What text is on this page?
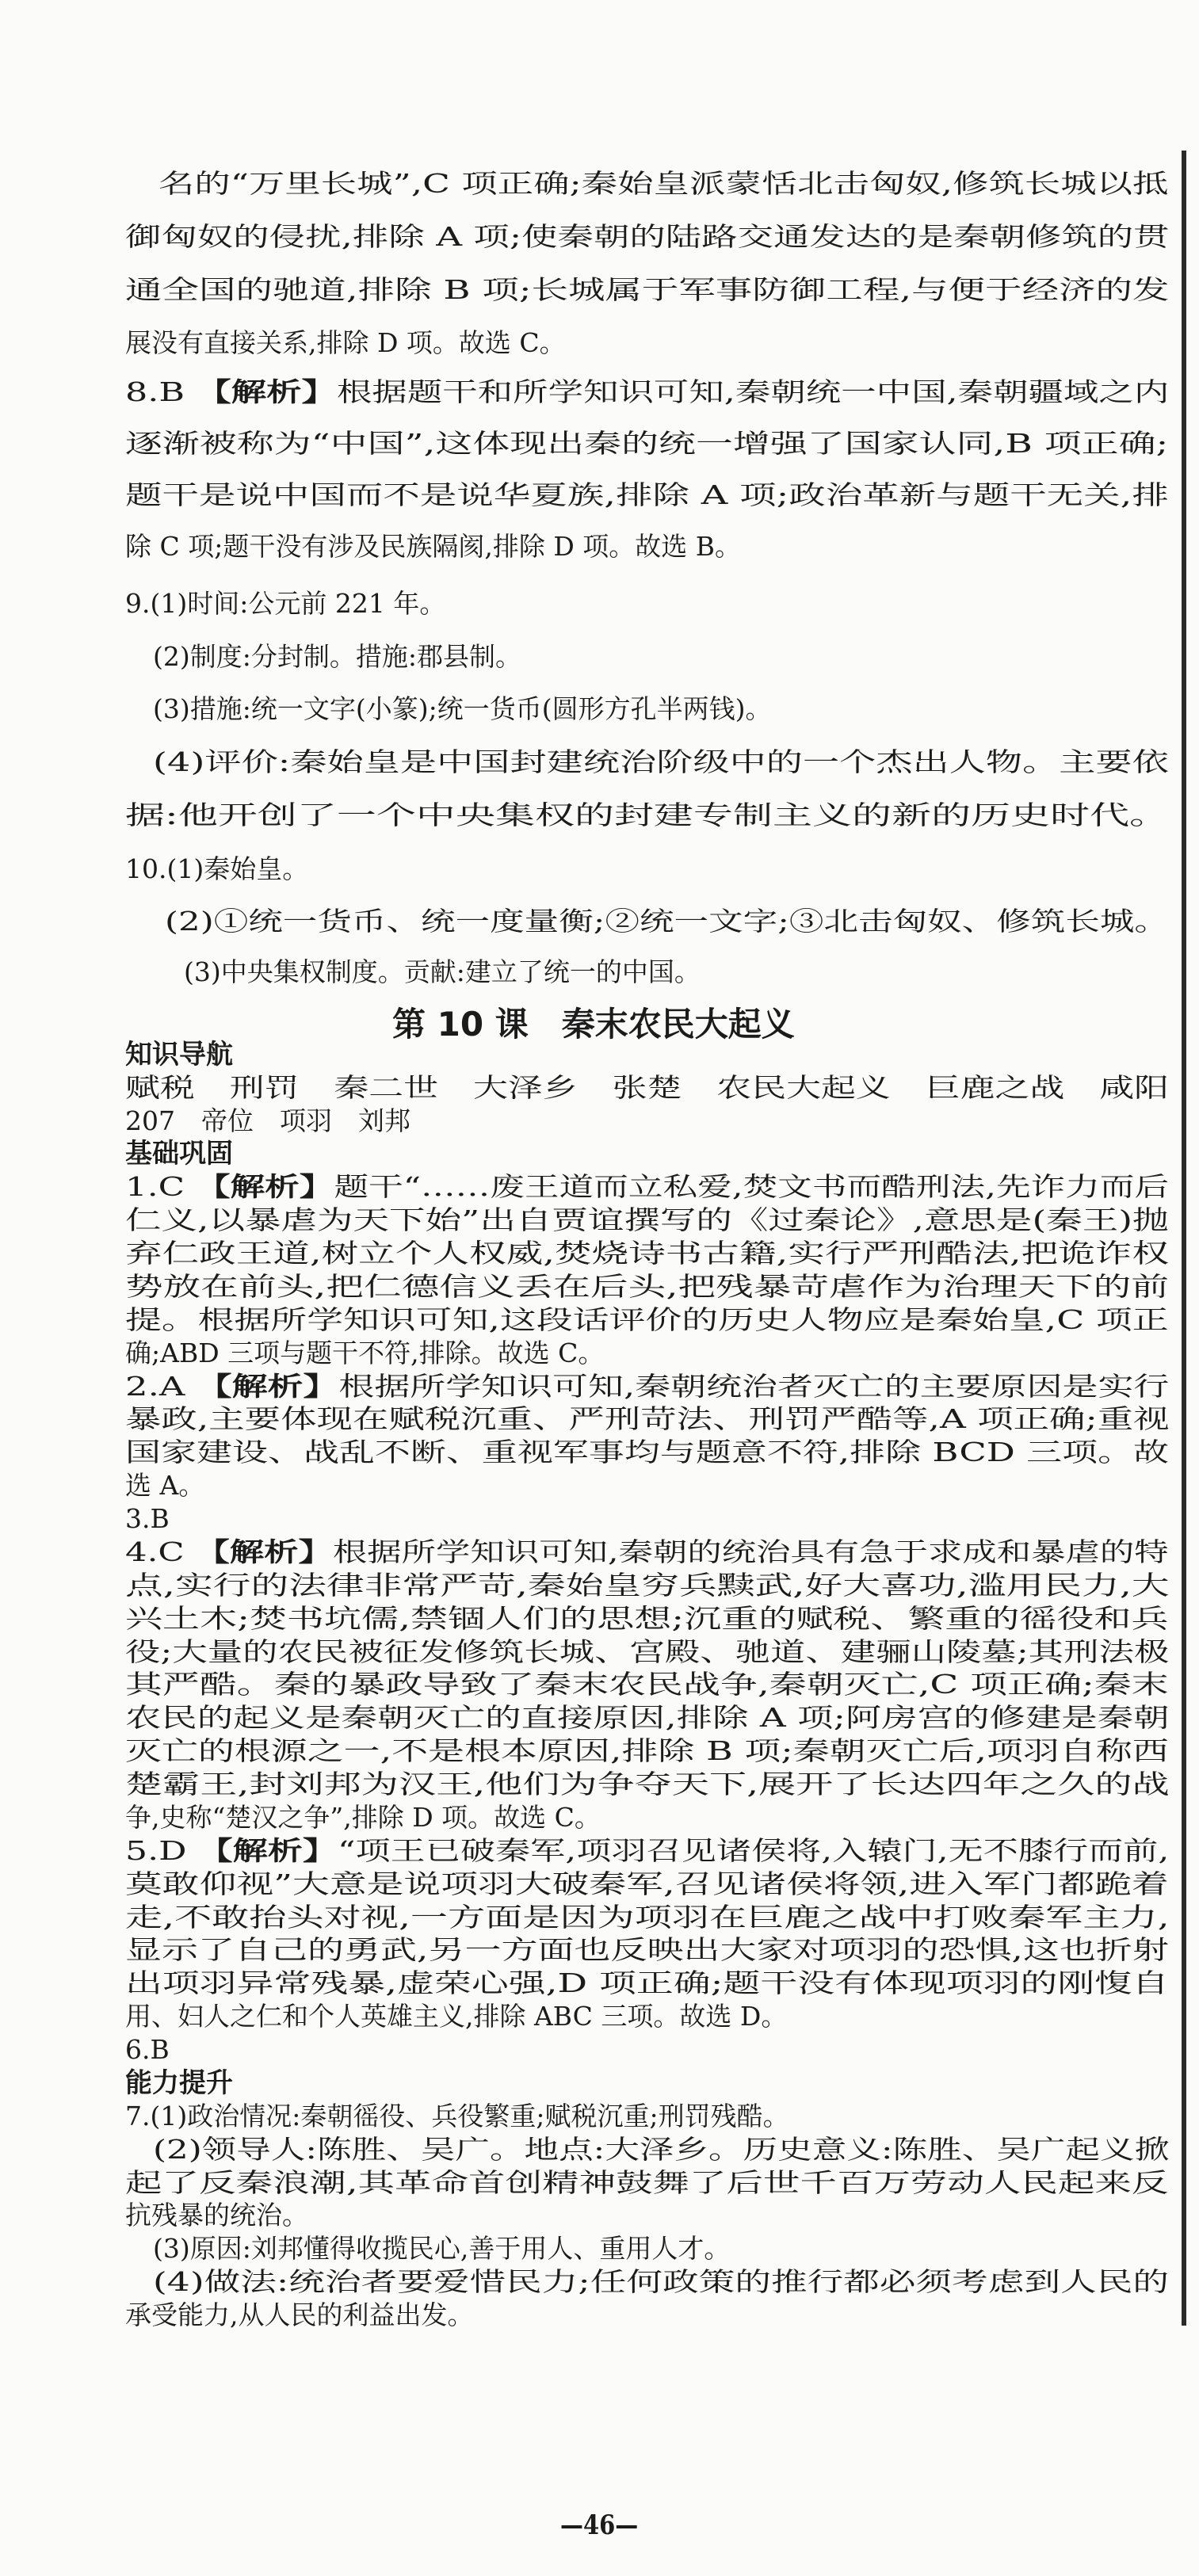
名的“万里长城”,C 项正确;秦始皇派蒙恬北击匈奴,修筑长城以抵
御匈奴的侵扰,排除 A 项;使秦朝的陆路交通发达的是秦朝修筑的贯
通全国的驰道,排除 B 项;长城属于军事防御工程,与便于经济的发
展没有直接关系,排除 D 项。故选 C。
8.B 【解析】根据题干和所学知识可知,秦朝统一中国,秦朝疆域之内
逐渐被称为“中国”,这体现出秦的统一增强了国家认同,B 项正确;
题干是说中国而不是说华夏族,排除 A 项;政治革新与题干无关,排
除 C 项;题干没有涉及民族隔阂,排除 D 项。故选 B。
9.(1)时间:公元前 221 年。
(2)制度:分封制。措施:郡县制。
(3)措施:统一文字(小篆);统一货币(圆形方孔半两钱)。
(4)评价:秦始皇是中国封建统治阶级中的一个杰出人物。主要依
据:他开创了一个中央集权的封建专制主义的新的历史时代。
10.(1)秦始皇。
(2)①统一货币、统一度量衡;②统一文字;③北击匈奴、修筑长城。
(3)中央集权制度。贡献:建立了统一的中国。
第 10 课　秦末农民大起义
知识导航
赋税　刑罚　秦二世　大泽乡　张楚　农民大起义　巨鹿之战　咸阳
207　帝位　项羽　刘邦
基础巩固
1.C 【解析】题干“……废王道而立私爱,焚文书而酷刑法,先诈力而后
仁义,以暴虐为天下始”出自贾谊撰写的《过秦论》,意思是(秦王)抛
弃仁政王道,树立个人权威,焚烧诗书古籍,实行严刑酷法,把诡诈权
势放在前头,把仁德信义丢在后头,把残暴苛虐作为治理天下的前
提。根据所学知识可知,这段话评价的历史人物应是秦始皇,C 项正
确;ABD 三项与题干不符,排除。故选 C。
2.A 【解析】根据所学知识可知,秦朝统治者灭亡的主要原因是实行
暴政,主要体现在赋税沉重、严刑苛法、刑罚严酷等,A 项正确;重视
国家建设、战乱不断、重视军事均与题意不符,排除 BCD 三项。故
选 A。
3.B
4.C 【解析】根据所学知识可知,秦朝的统治具有急于求成和暴虐的特
点,实行的法律非常严苛,秦始皇穷兵黩武,好大喜功,滥用民力,大
兴土木;焚书坑儒,禁锢人们的思想;沉重的赋税、繁重的徭役和兵
役;大量的农民被征发修筑长城、宫殿、驰道、建骊山陵墓;其刑法极
其严酷。秦的暴政导致了秦末农民战争,秦朝灭亡,C 项正确;秦末
农民的起义是秦朝灭亡的直接原因,排除 A 项;阿房宫的修建是秦朝
灭亡的根源之一,不是根本原因,排除 B 项;秦朝灭亡后,项羽自称西
楚霸王,封刘邦为汉王,他们为争夺天下,展开了长达四年之久的战
争,史称“楚汉之争”,排除 D 项。故选 C。
5.D 【解析】“项王已破秦军,项羽召见诸侯将,入辕门,无不膝行而前,
莫敢仰视”大意是说项羽大破秦军,召见诸侯将领,进入军门都跪着
走,不敢抬头对视,一方面是因为项羽在巨鹿之战中打败秦军主力,
显示了自己的勇武,另一方面也反映出大家对项羽的恐惧,这也折射
出项羽异常残暴,虚荣心强,D 项正确;题干没有体现项羽的刚愎自
用、妇人之仁和个人英雄主义,排除 ABC 三项。故选 D。
6.B
能力提升
7.(1)政治情况:秦朝徭役、兵役繁重;赋税沉重;刑罚残酷。
(2)领导人:陈胜、吴广。地点:大泽乡。历史意义:陈胜、吴广起义掀
起了反秦浪潮,其革命首创精神鼓舞了后世千百万劳动人民起来反
抗残暴的统治。
(3)原因:刘邦懂得收揽民心,善于用人、重用人才。
(4)做法:统治者要爱惜民力;任何政策的推行都必须考虑到人民的
承受能力,从人民的利益出发。
—46—
